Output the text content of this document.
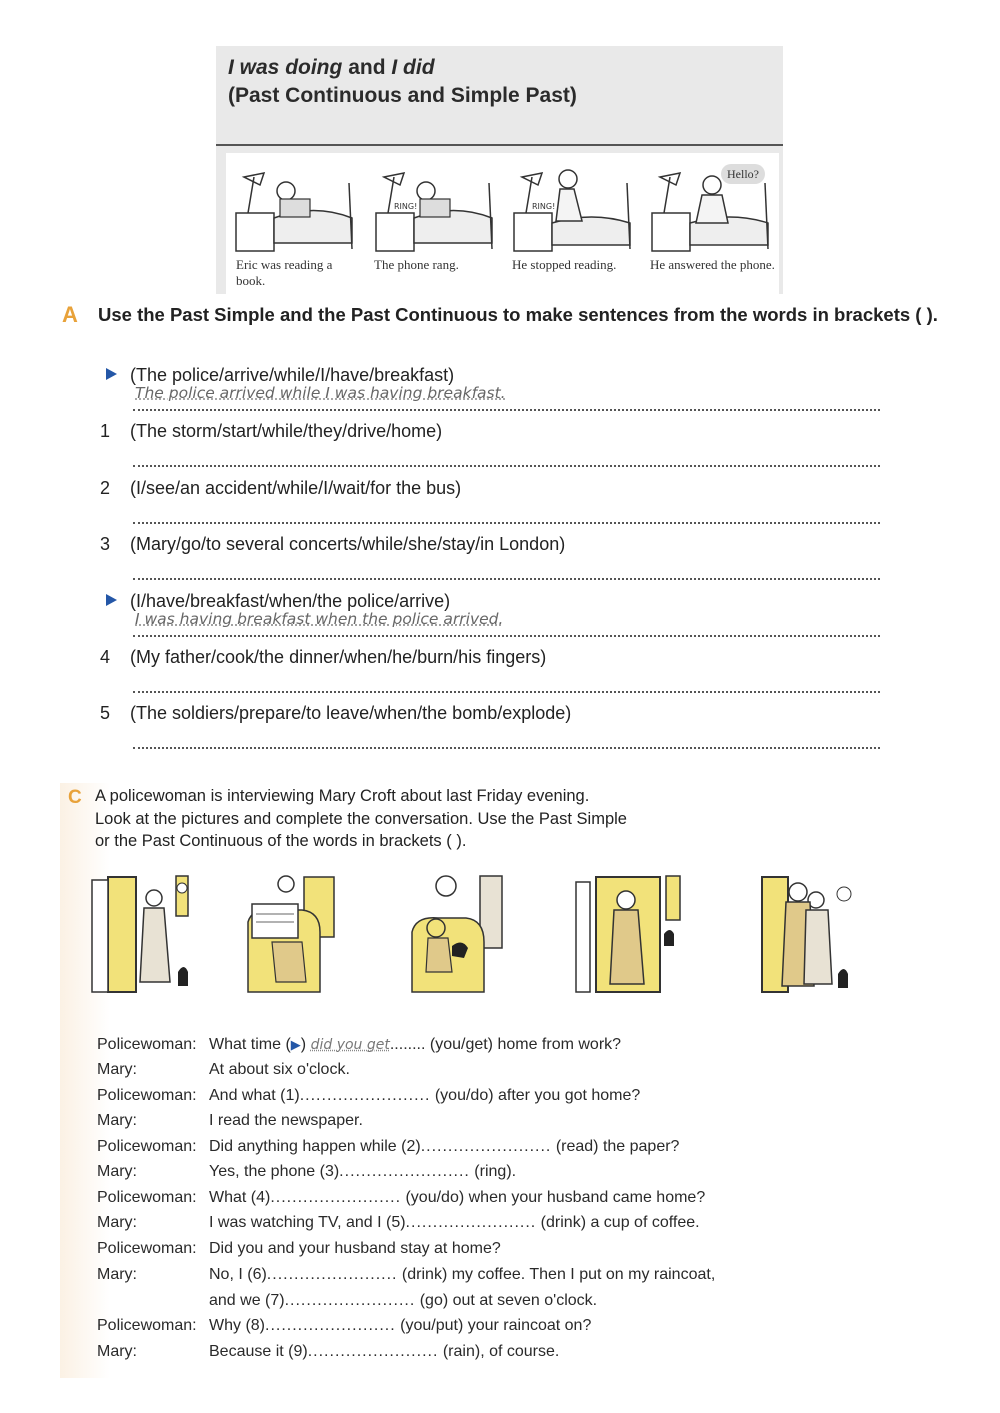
I was doing and I did
(Past Continuous and Simple Past)
Eric was reading a book.
RING!
The phone rang.
RING!
He stopped reading.	He answered the phone.
Hello?
A Use the Past Simple and the Past Continuous to make sentences from the words in brackets ( ).
(The police/arrive/while/I/have/breakfast)
The police arrived while I was having breakfast.
1	(The storm/start/while/they/drive/home)
2	(I/see/an accident/while/I/wait/for the bus)
3	(Mary/go/to several concerts/while/she/stay/in London)
(I/have/breakfast/when/the police/arrive)
I was having breakfast when the police arrived.
4	(My father/cook/the dinner/when/he/burn/his fingers)
5	(The soldiers/prepare/to leave/when/the bomb/explode)
C A policewoman is interviewing Mary Croft about last Friday evening.
Look at the pictures and complete the conversation. Use the Past Simple
or the Past Continuous of the words in brackets ( ).
Policewoman: What time (▶) did you get........ (you/get) home from work?
Mary:	At about six o'clock.
Policewoman: And what (1)........................ (you/do) after you got home?
Mary:	I read the newspaper.
Policewoman: Did anything happen while (2)........................ (read) the paper?
Mary:	Yes, the phone (3)........................ (ring).
Policewoman: What (4)........................ (you/do) when your husband came home?
Mary:	I was watching TV, and I (5)........................ (drink) a cup of coffee.
Policewoman: Did you and your husband stay at home?
Mary:	No, I (6)........................ (drink) my coffee. Then I put on my raincoat,
and we (7)........................ (go) out at seven o'clock.
Policewoman: Why (8)........................ (you/put) your raincoat on?
Mary:	Because it (9)........................ (rain), of course.
